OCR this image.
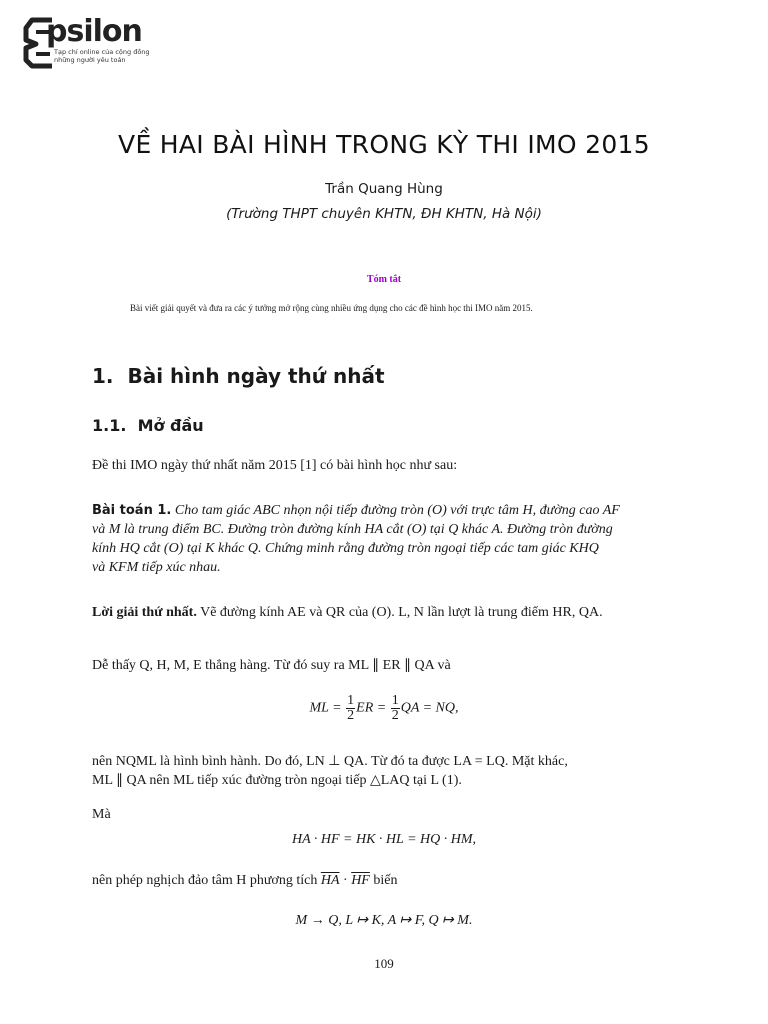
psilon
Tạp chí online của cộng đồng những người yêu toán
VỀ HAI BÀI HÌNH TRONG KỲ THI IMO 2015
Trần Quang Hùng
(Trường THPT chuyên KHTN, ĐH KHTN, Hà Nội)
Tóm tắt
Bài viết giải quyết và đưa ra các ý tưởng mở rộng cùng nhiều ứng dụng cho các đề hình học thi IMO năm 2015.
1. Bài hình ngày thứ nhất
1.1. Mở đầu
Đề thi IMO ngày thứ nhất năm 2015 [1] có bài hình học như sau:
Bài toán 1. Cho tam giác ABC nhọn nội tiếp đường tròn (O) với trực tâm H, đường cao AF
và M là trung điểm BC. Đường tròn đường kính HA cắt (O) tại Q khác A. Đường tròn đường
kính HQ cắt (O) tại K khác Q. Chứng minh rằng đường tròn ngoại tiếp các tam giác KHQ
và KFM tiếp xúc nhau.
Lời giải thứ nhất. Vẽ đường kính AE và QR của (O). L, N lần lượt là trung điểm HR, QA.
Dễ thấy Q, H, M, E thẳng hàng. Từ đó suy ra ML ∥ ER ∥ QA và
ML = $\frac{1}{2}$ ER = $\frac{1}{2}$ QA = NQ,
nên NQML là hình bình hành. Do đó, LN ⊥ QA. Từ đó ta được LA = LQ. Mặt khác,
ML ∥ QA nên ML tiếp xúc đường tròn ngoại tiếp △LAQ tại L (1).
Mà
HA · HF = HK · HL = HQ · HM,
nên phép nghịch đảo tâm H phương tích $\overline{HA} \cdot \overline{HF}$ biến
M → Q, L ↦ K, A ↦ F, Q ↦ M.
109
